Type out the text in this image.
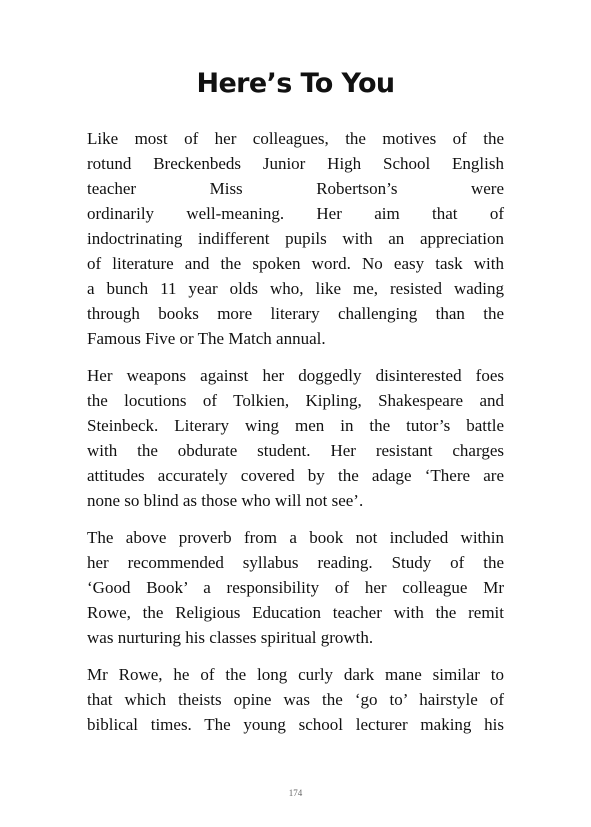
Here’s To You

Like most of her colleagues, the motives of the
rotund Breckenbeds Junior High School English
teacher Miss Robertson’s were
ordinarily well-meaning. Her aim that of
indoctrinating indifferent pupils with an appreciation
of literature and the spoken word. No easy task with
a bunch 11 year olds who, like me, resisted wading
through books more literary challenging than the
Famous Five or The Match annual.

Her weapons against her doggedly disinterested foes
the locutions of Tolkien, Kipling, Shakespeare and
Steinbeck. Literary wing men in the tutor’s battle
with the obdurate student. Her resistant charges
attitudes accurately covered by the adage ‘There are
none so blind as those who will not see’.

The above proverb from a book not included within
her recommended syllabus reading. Study of the
‘Good Book’ a responsibility of her colleague Mr
Rowe, the Religious Education teacher with the remit
was nurturing his classes spiritual growth.

Mr Rowe, he of the long curly dark mane similar to
that which theists opine was the ‘go to’ hairstyle of
biblical times. The young school lecturer making his

174
